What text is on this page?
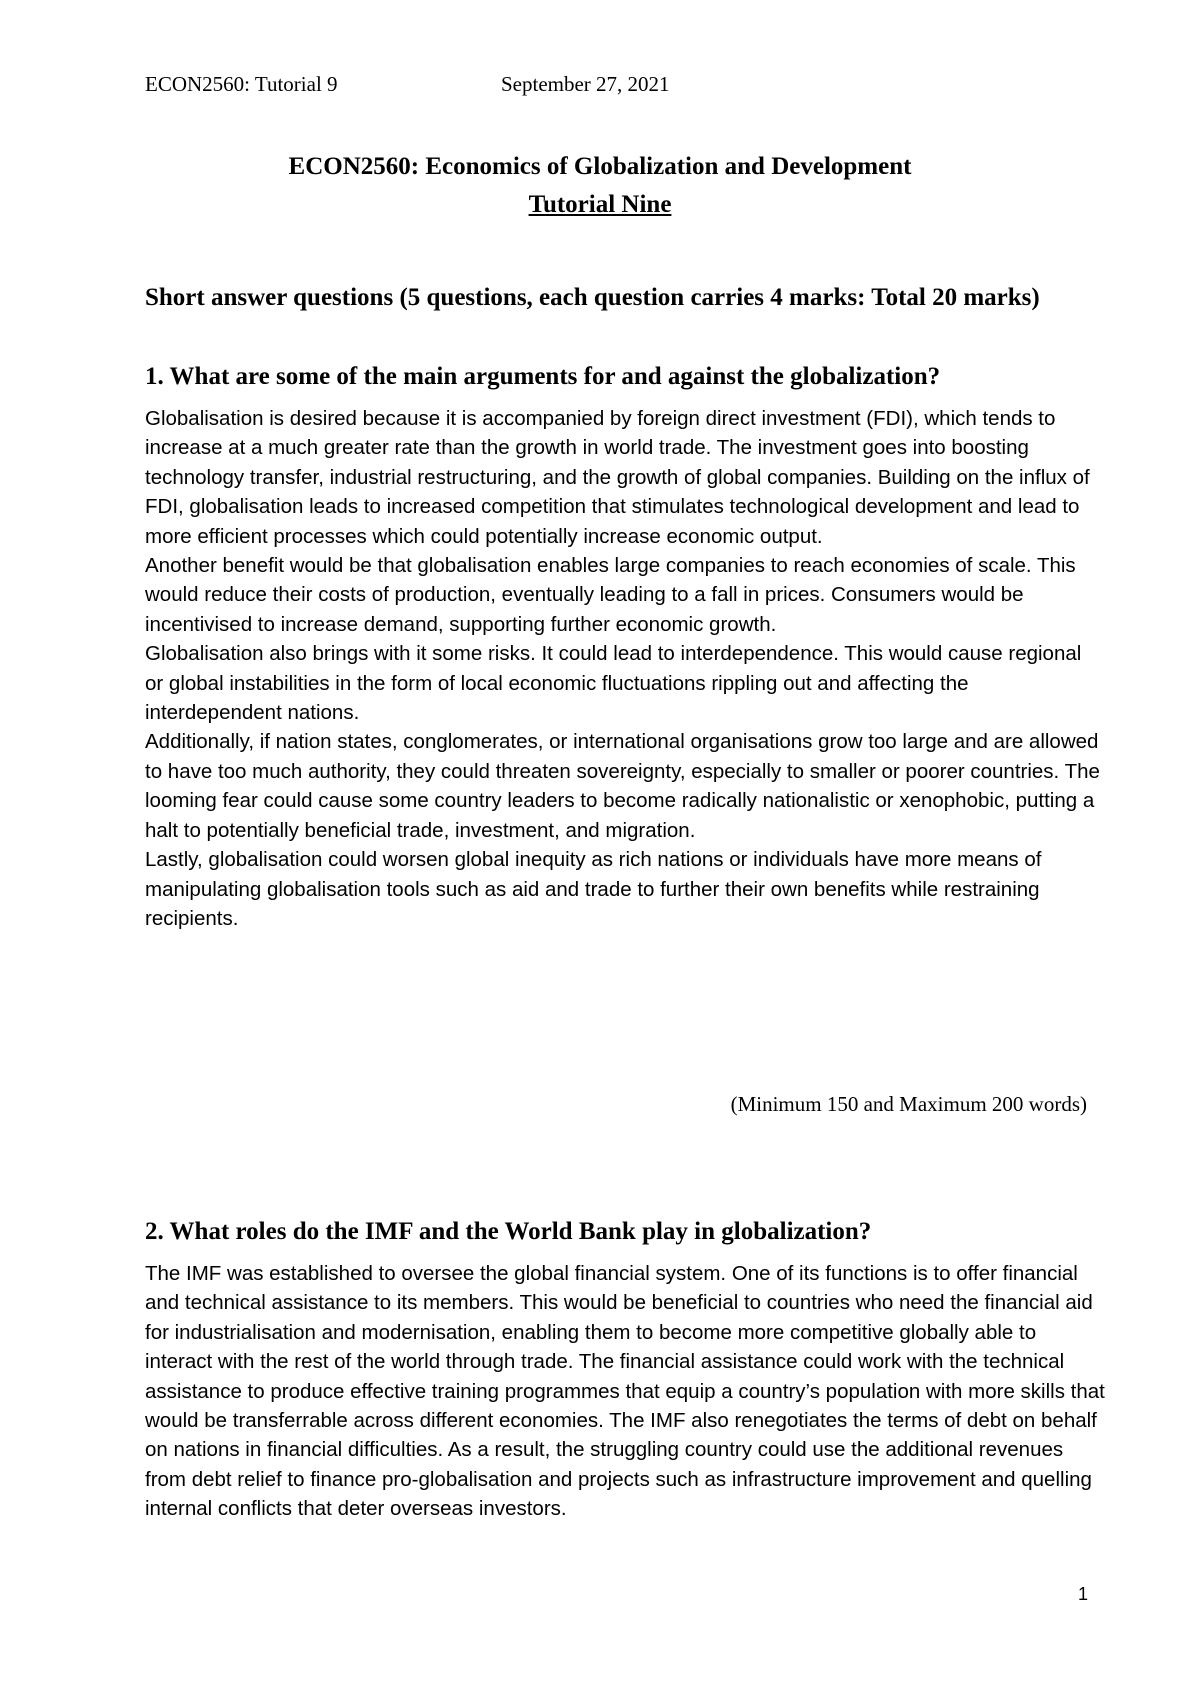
ECON2560: Tutorial 9	September 27, 2021
ECON2560: Economics of Globalization and Development
Tutorial Nine
Short answer questions (5 questions, each question carries 4 marks: Total 20 marks)
1. What are some of the main arguments for and against the globalization?

Globalisation is desired because it is accompanied by foreign direct investment (FDI), which tends to increase at a much greater rate than the growth in world trade. The investment goes into boosting technology transfer, industrial restructuring, and the growth of global companies. Building on the influx of FDI, globalisation leads to increased competition that stimulates technological development and lead to more efficient processes which could potentially increase economic output.

Another benefit would be that globalisation enables large companies to reach economies of scale. This would reduce their costs of production, eventually leading to a fall in prices. Consumers would be incentivised to increase demand, supporting further economic growth.

Globalisation also brings with it some risks. It could lead to interdependence. This would cause regional or global instabilities in the form of local economic fluctuations rippling out and affecting the interdependent nations.

Additionally, if nation states, conglomerates, or international organisations grow too large and are allowed to have too much authority, they could threaten sovereignty, especially to smaller or poorer countries. The looming fear could cause some country leaders to become radically nationalistic or xenophobic, putting a halt to potentially beneficial trade, investment, and migration.

Lastly, globalisation could worsen global inequity as rich nations or individuals have more means of manipulating globalisation tools such as aid and trade to further their own benefits while restraining recipients.

(Minimum 150 and Maximum 200 words)
2. What roles do the IMF and the World Bank play in globalization?

The IMF was established to oversee the global financial system. One of its functions is to offer financial and technical assistance to its members. This would be beneficial to countries who need the financial aid for industrialisation and modernisation, enabling them to become more competitive globally able to interact with the rest of the world through trade. The financial assistance could work with the technical assistance to produce effective training programmes that equip a country’s population with more skills that would be transferrable across different economies. The IMF also renegotiates the terms of debt on behalf on nations in financial difficulties. As a result, the struggling country could use the additional revenues from debt relief to finance pro-globalisation and projects such as infrastructure improvement and quelling internal conflicts that deter overseas investors.

1
